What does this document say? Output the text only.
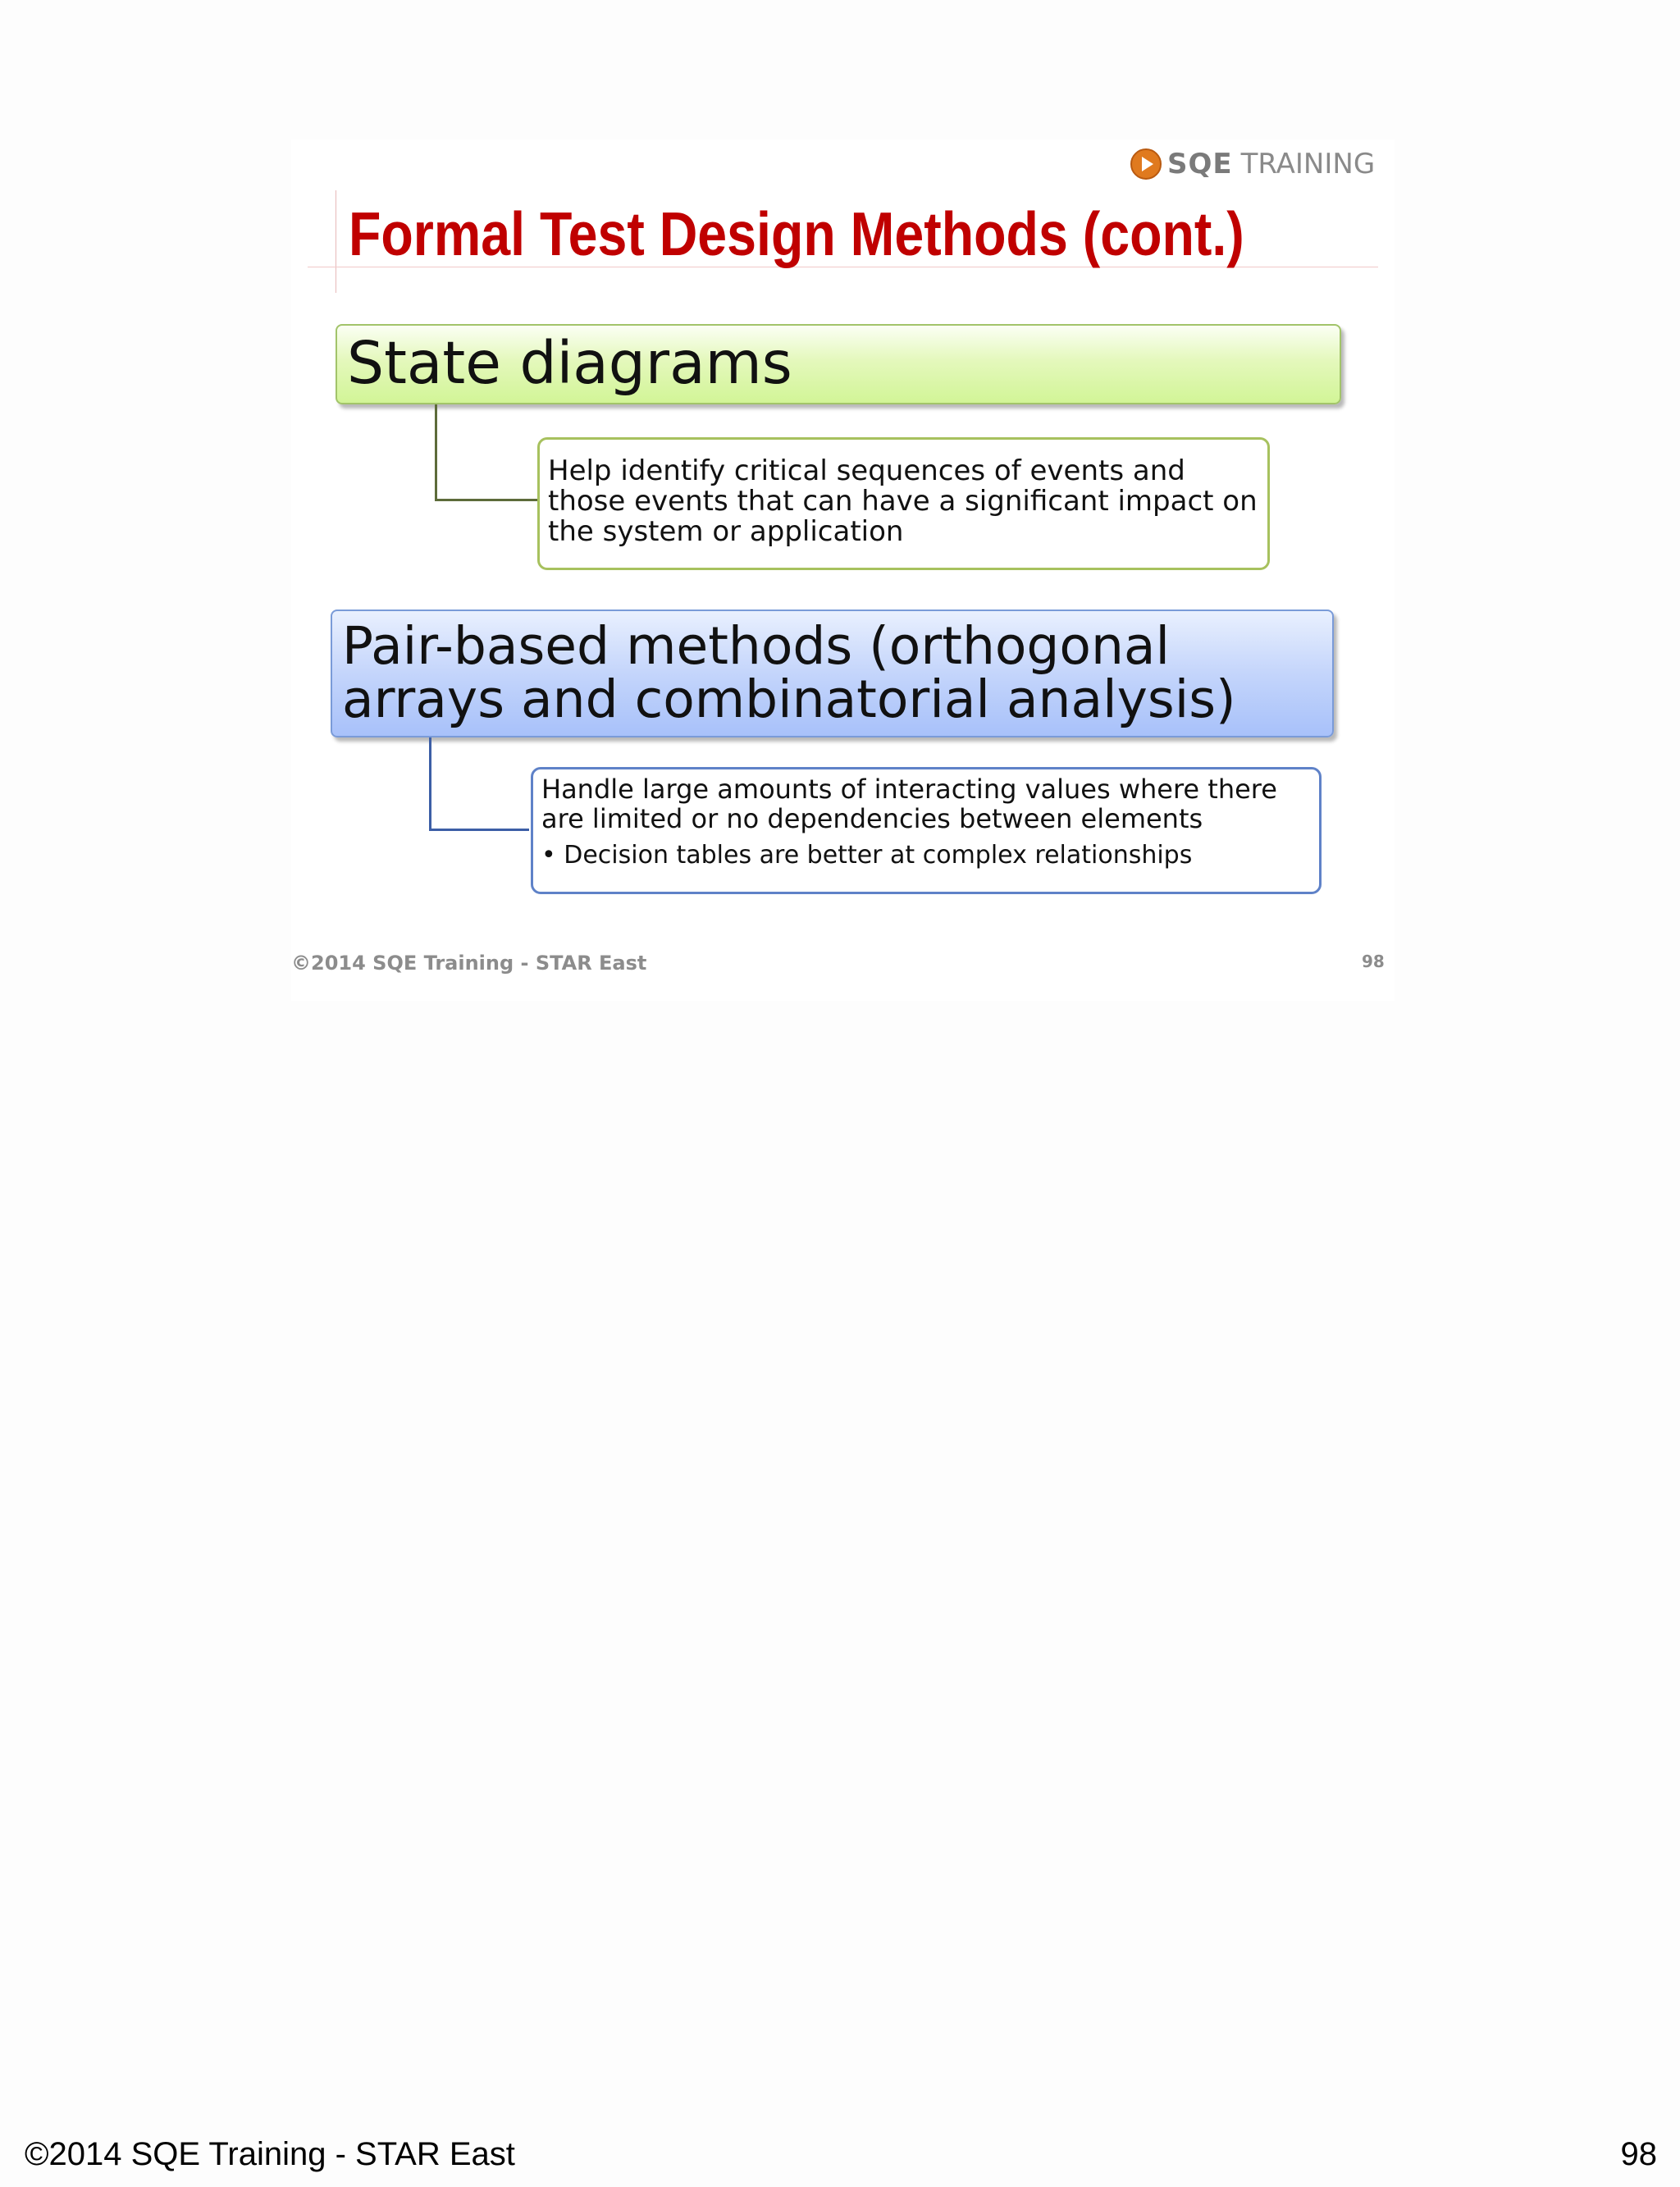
SQE TRAINING
Formal Test Design Methods (cont.)
State diagrams
Help identify critical sequences of events and those events that can have a significant impact on the system or application
Pair-based methods (orthogonal arrays and combinatorial analysis)
Handle large amounts of interacting values where there are limited or no dependencies between elements
• Decision tables are better at complex relationships
©2014 SQE Training - STAR East	98
©2014 SQE Training - STAR East	98
